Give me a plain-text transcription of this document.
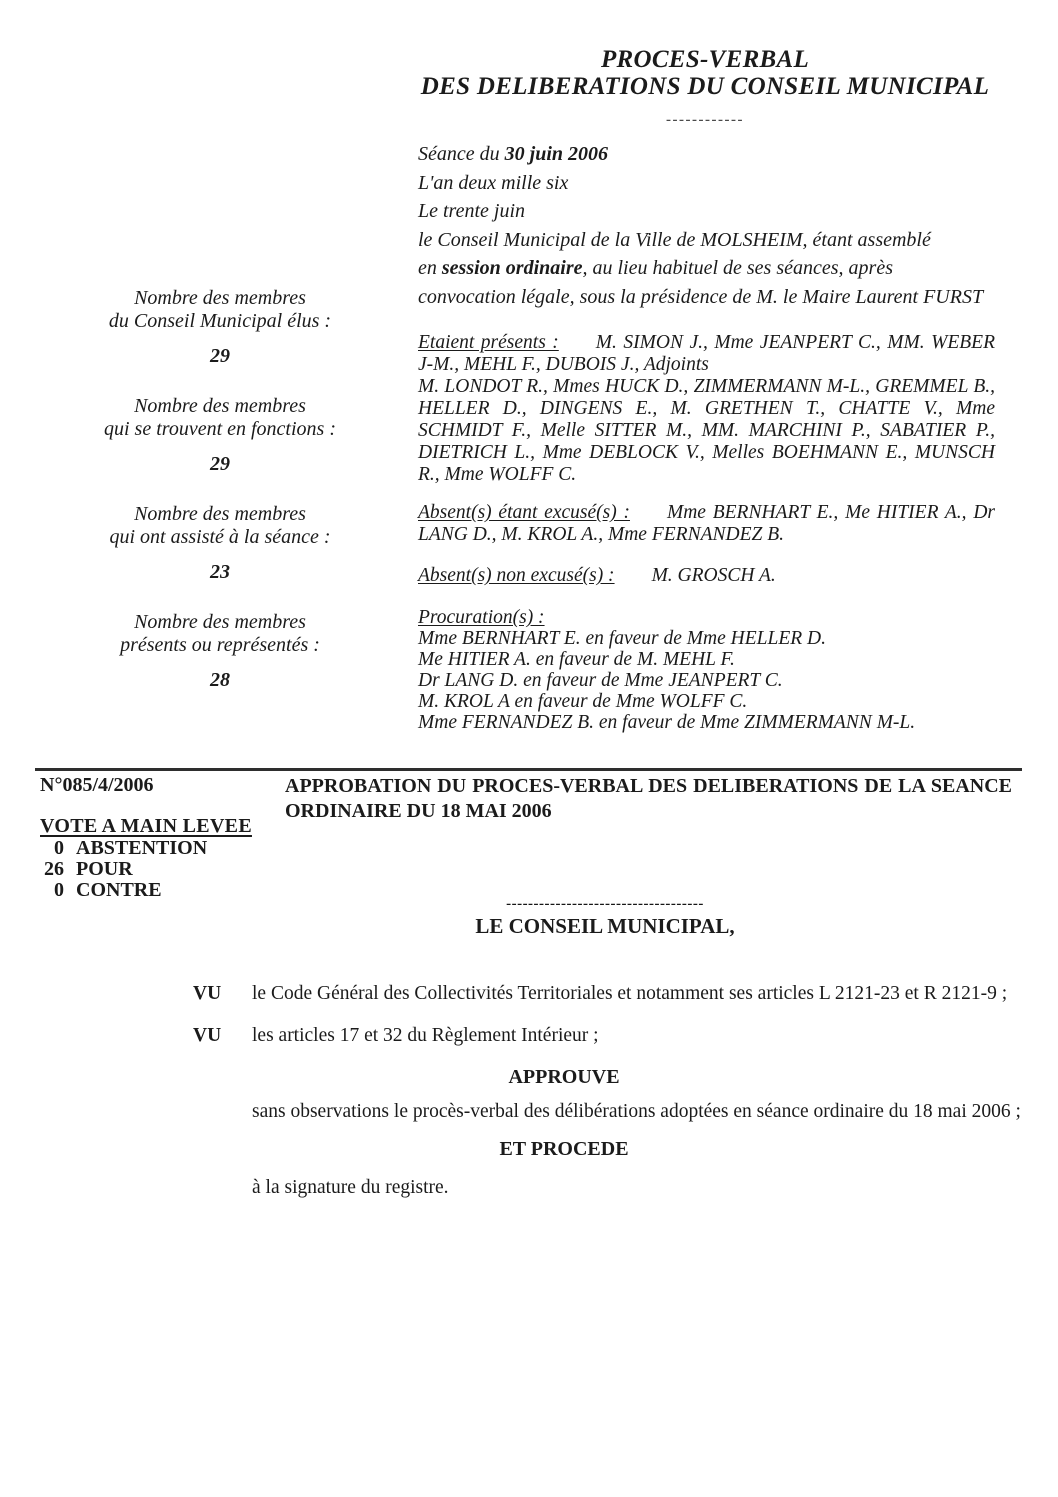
PROCES-VERBAL
DES DELIBERATIONS DU CONSEIL MUNICIPAL
------------
Séance du 30 juin 2006
L'an deux mille six
Le trente juin
le Conseil Municipal de la Ville de MOLSHEIM, étant assemblé
en session ordinaire, au lieu habituel de ses séances, après
convocation légale, sous la présidence de M. le Maire Laurent FURST
Nombre des membres
du Conseil Municipal élus :
29
Nombre des membres
qui se trouvent en fonctions :
29
Nombre des membres
qui ont assisté à la séance :
23
Nombre des membres
présents ou représentés :
28

Etaient présents : M. SIMON J., Mme JEANPERT C., MM. WEBER J-M., MEHL F., DUBOIS J., Adjoints

M. LONDOT R., Mmes HUCK D., ZIMMERMANN M-L., GREMMEL B., HELLER D., DINGENS E., M. GRETHEN T., CHATTE V., Mme SCHMIDT F., Melle SITTER M., MM. MARCHINI P., SABATIER P., DIETRICH L., Mme DEBLOCK V., Melles BOEHMANN E., MUNSCH R., Mme WOLFF C.

Absent(s) étant excusé(s) : Mme BERNHART E., Me HITIER A., Dr LANG D., M. KROL A., Mme FERNANDEZ B.

Absent(s) non excusé(s) : M. GROSCH A.

Procuration(s) :
Mme BERNHART E. en faveur de Mme HELLER D.
Me HITIER A. en faveur de M. MEHL F.
Dr LANG D. en faveur de Mme JEANPERT C.
M. KROL A en faveur de Mme WOLFF C.
Mme FERNANDEZ B. en faveur de Mme ZIMMERMANN M-L.
N°085/4/2006	APPROBATION DU PROCES-VERBAL DES DELIBERATIONS DE LA SEANCE
ORDINAIRE DU 18 MAI 2006
VOTE A MAIN LEVEE
0 ABSTENTION
26 POUR
0 CONTRE
------------------------------------
LE CONSEIL MUNICIPAL,
VU	le Code Général des Collectivités Territoriales et notamment ses articles L 2121-23 et R 2121-9 ;
VU	les articles 17 et 32 du Règlement Intérieur ;
APPROUVE
sans observations le procès-verbal des délibérations adoptées en séance ordinaire du 18 mai 2006 ;
ET PROCEDE
à la signature du registre.
